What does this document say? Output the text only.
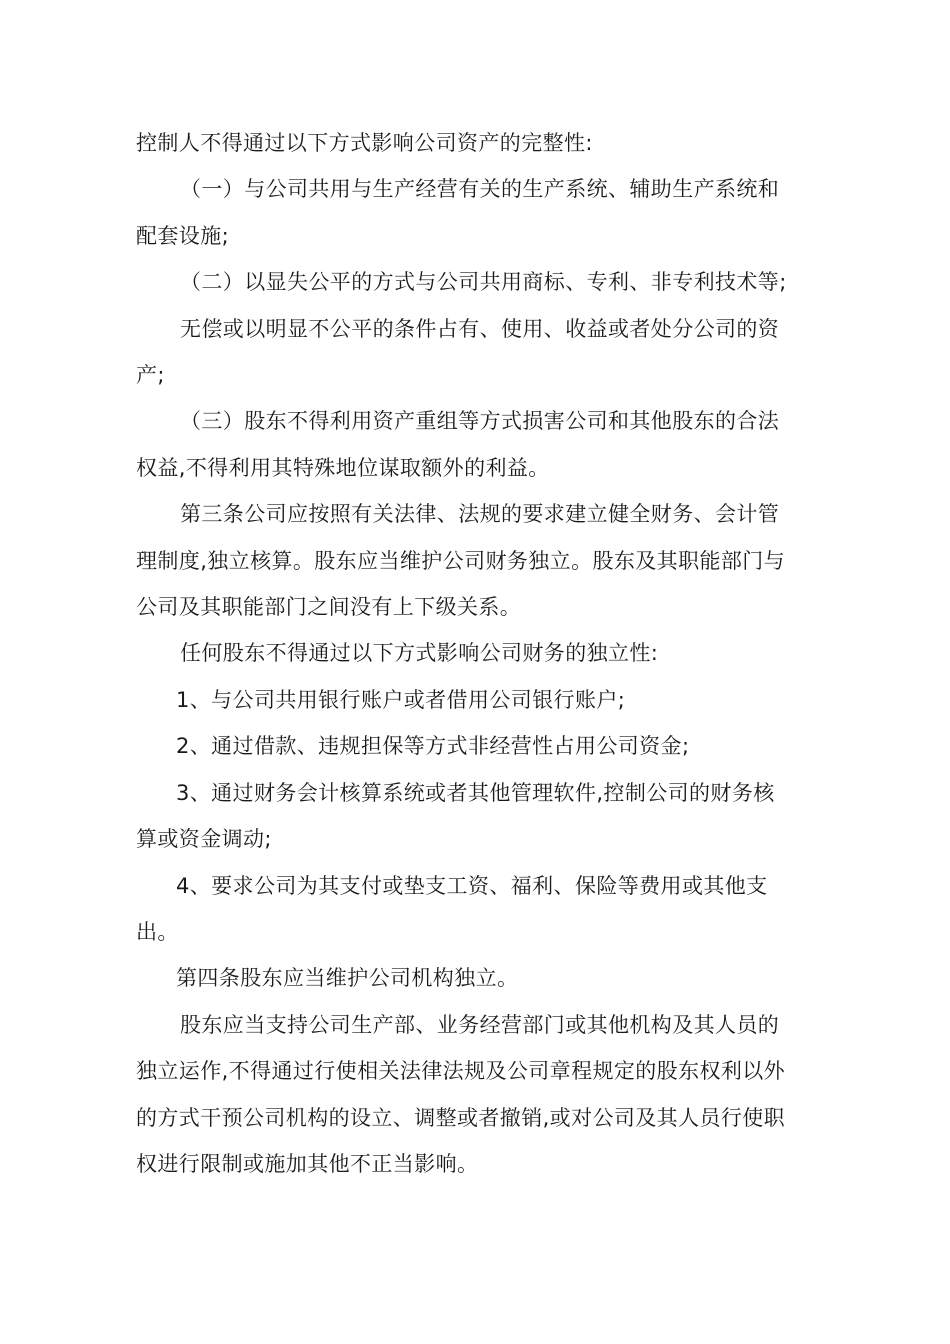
控制人不得通过以下方式影响公司资产的完整性:

（一）与公司共用与生产经营有关的生产系统、辅助生产系统和
配套设施;

（二）以显失公平的方式与公司共用商标、专利、非专利技术等;

无偿或以明显不公平的条件占有、使用、收益或者处分公司的资
产;

（三）股东不得利用资产重组等方式损害公司和其他股东的合法
权益,不得利用其特殊地位谋取额外的利益。

第三条公司应按照有关法律、法规的要求建立健全财务、会计管
理制度,独立核算。股东应当维护公司财务独立。股东及其职能部门与
公司及其职能部门之间没有上下级关系。

任何股东不得通过以下方式影响公司财务的独立性:

1、与公司共用银行账户或者借用公司银行账户;

2、通过借款、违规担保等方式非经营性占用公司资金;

3、通过财务会计核算系统或者其他管理软件,控制公司的财务核
算或资金调动;

4、要求公司为其支付或垫支工资、福利、保险等费用或其他支
出。

第四条股东应当维护公司机构独立。

股东应当支持公司生产部、业务经营部门或其他机构及其人员的
独立运作,不得通过行使相关法律法规及公司章程规定的股东权利以外
的方式干预公司机构的设立、调整或者撤销,或对公司及其人员行使职
权进行限制或施加其他不正当影响。
